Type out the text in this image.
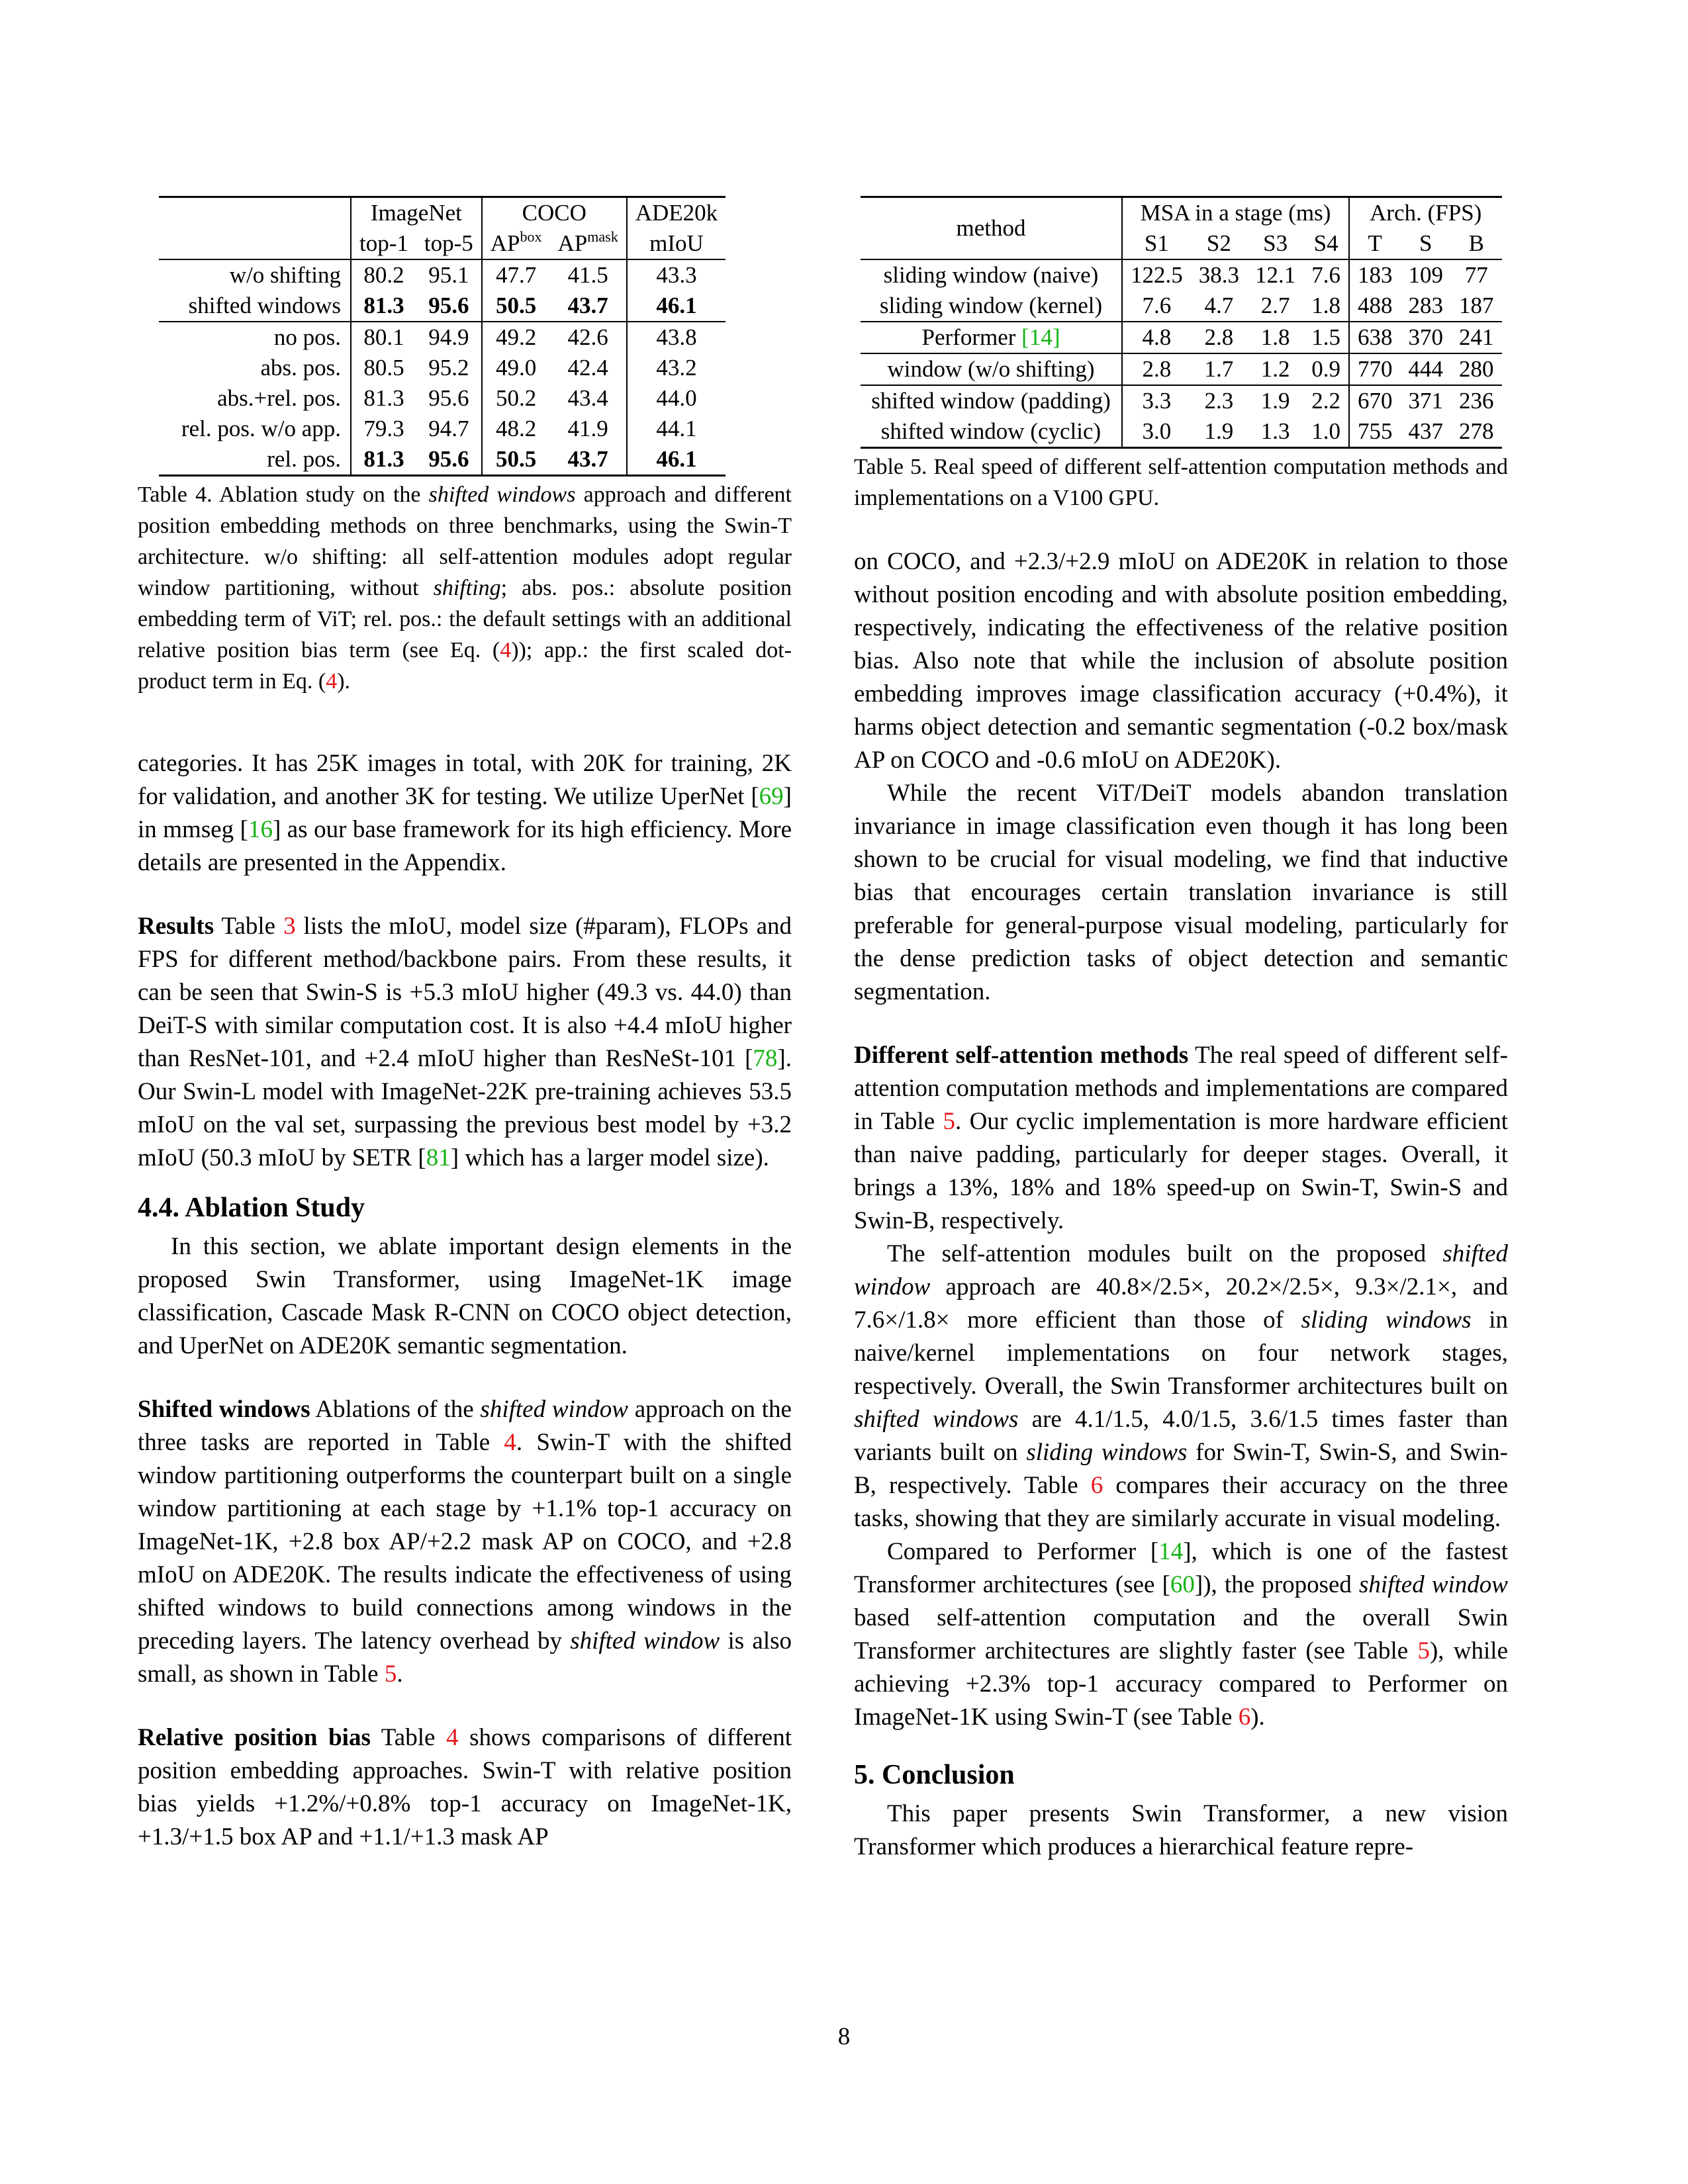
	ImageNet		COCO		ADE20k
	top-1	top-5	$AP^{box}$	$AP^{mask}$	mIoU
w/o shifting	80.2	95.1	47.7	41.5	43.3
shifted windows	81.3	95.6	50.5	43.7	46.1
no pos.	80.1	94.9	49.2	42.6	43.8
abs. pos.	80.5	95.2	49.0	42.4	43.2
abs.+rel. pos.	81.3	95.6	50.2	43.4	44.0
rel. pos. w/o app.	79.3	94.7	48.2	41.9	44.1
rel. pos.	81.3	95.6	50.5	43.7	46.1

Table 4. Ablation study on the shifted windows approach and different position embedding methods on three benchmarks, using the Swin-T architecture. w/o shifting: all self-attention modules adopt regular window partitioning, without shifting; abs. pos.: absolute position embedding term of ViT; rel. pos.: the default settings with an additional relative position bias term (see Eq. (4)); app.: the first scaled dot-product term in Eq. (4).

categories. It has 25K images in total, with 20K for training, 2K for validation, and another 3K for testing. We utilize UperNet [69] in mmseg [16] as our base framework for its high efficiency. More details are presented in the Appendix.

Results Table 3 lists the mIoU, model size (#param), FLOPs and FPS for different method/backbone pairs. From these results, it can be seen that Swin-S is +5.3 mIoU higher (49.3 vs. 44.0) than DeiT-S with similar computation cost. It is also +4.4 mIoU higher than ResNet-101, and +2.4 mIoU higher than ResNeSt-101 [78]. Our Swin-L model with ImageNet-22K pre-training achieves 53.5 mIoU on the val set, surpassing the previous best model by +3.2 mIoU (50.3 mIoU by SETR [81] which has a larger model size).

4.4. Ablation Study

In this section, we ablate important design elements in the proposed Swin Transformer, using ImageNet-1K image classification, Cascade Mask R-CNN on COCO object detection, and UperNet on ADE20K semantic segmentation.

Shifted windows Ablations of the shifted window approach on the three tasks are reported in Table 4. Swin-T with the shifted window partitioning outperforms the counterpart built on a single window partitioning at each stage by +1.1% top-1 accuracy on ImageNet-1K, +2.8 box AP/+2.2 mask AP on COCO, and +2.8 mIoU on ADE20K. The results indicate the effectiveness of using shifted windows to build connections among windows in the preceding layers. The latency overhead by shifted window is also small, as shown in Table 5.

Relative position bias Table 4 shows comparisons of different position embedding approaches. Swin-T with relative position bias yields +1.2%/+0.8% top-1 accuracy on ImageNet-1K, +1.3/+1.5 box AP and +1.1/+1.3 mask AP

method	MSA in a stage (ms)				Arch. (FPS)		
	S1	S2	S3	S4	T	S	B
sliding window (naive)	122.5	38.3	12.1	7.6	183	109	77
sliding window (kernel)	7.6	4.7	2.7	1.8	488	283	187
Performer [14]	4.8	2.8	1.8	1.5	638	370	241
window (w/o shifting)	2.8	1.7	1.2	0.9	770	444	280
shifted window (padding)	3.3	2.3	1.9	2.2	670	371	236
shifted window (cyclic)	3.0	1.9	1.3	1.0	755	437	278

Table 5. Real speed of different self-attention computation methods and implementations on a V100 GPU.

on COCO, and +2.3/+2.9 mIoU on ADE20K in relation to those without position encoding and with absolute position embedding, respectively, indicating the effectiveness of the relative position bias. Also note that while the inclusion of absolute position embedding improves image classification accuracy (+0.4%), it harms object detection and semantic segmentation (-0.2 box/mask AP on COCO and -0.6 mIoU on ADE20K).

While the recent ViT/DeiT models abandon translation invariance in image classification even though it has long been shown to be crucial for visual modeling, we find that inductive bias that encourages certain translation invariance is still preferable for general-purpose visual modeling, particularly for the dense prediction tasks of object detection and semantic segmentation.

Different self-attention methods The real speed of different self-attention computation methods and implementations are compared in Table 5. Our cyclic implementation is more hardware efficient than naive padding, particularly for deeper stages. Overall, it brings a 13%, 18% and 18% speed-up on Swin-T, Swin-S and Swin-B, respectively.

The self-attention modules built on the proposed shifted window approach are 40.8×/2.5×, 20.2×/2.5×, 9.3×/2.1×, and 7.6×/1.8× more efficient than those of sliding windows in naive/kernel implementations on four network stages, respectively. Overall, the Swin Transformer architectures built on shifted windows are 4.1/1.5, 4.0/1.5, 3.6/1.5 times faster than variants built on sliding windows for Swin-T, Swin-S, and Swin-B, respectively. Table 6 compares their accuracy on the three tasks, showing that they are similarly accurate in visual modeling.

Compared to Performer [14], which is one of the fastest Transformer architectures (see [60]), the proposed shifted window based self-attention computation and the overall Swin Transformer architectures are slightly faster (see Table 5), while achieving +2.3% top-1 accuracy compared to Performer on ImageNet-1K using Swin-T (see Table 6).

5. Conclusion

This paper presents Swin Transformer, a new vision Transformer which produces a hierarchical feature repre-

8
